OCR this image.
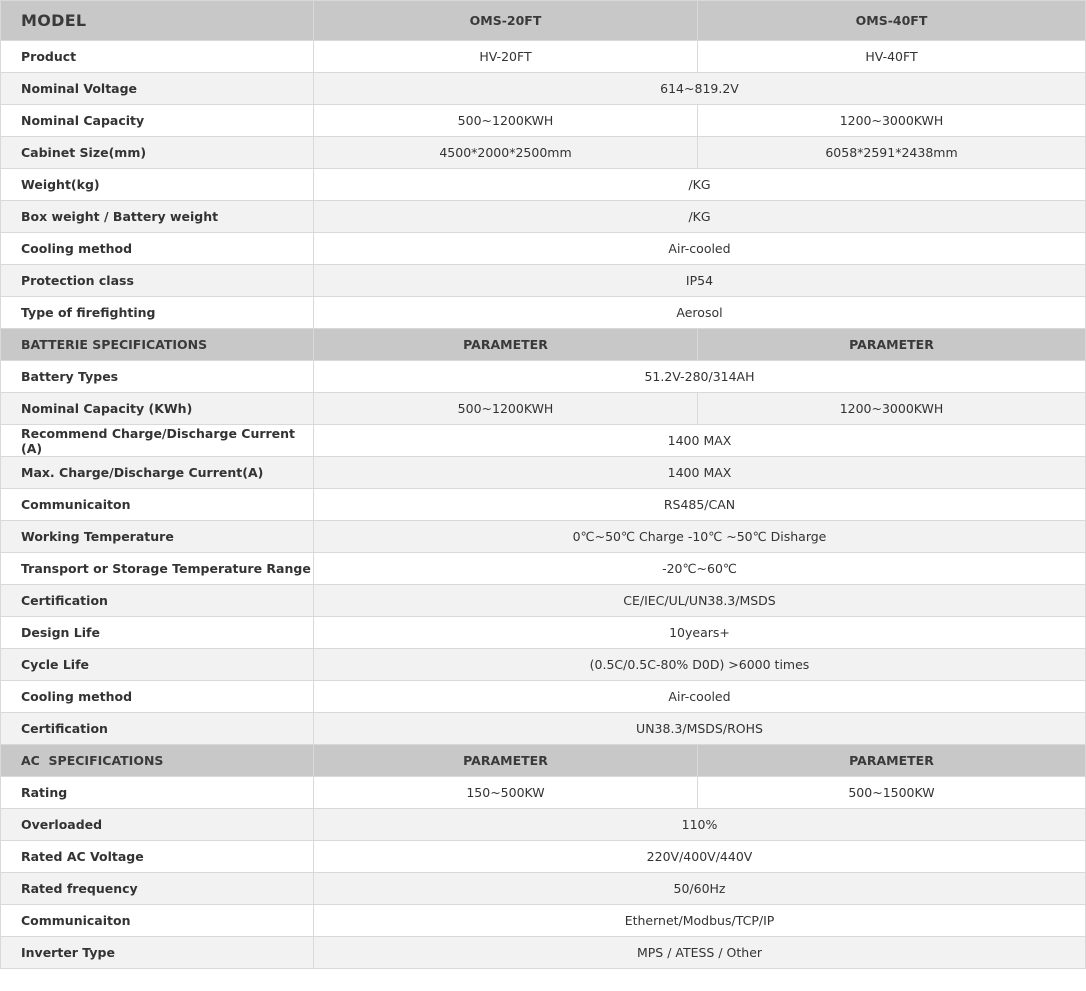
MODEL	OMS-20FT	OMS-40FT
Product	HV-20FT	HV-40FT
Nominal Voltage	614~819.2V	
Nominal Capacity	500~1200KWH	1200~3000KWH
Cabinet Size(mm)	4500*2000*2500mm	6058*2591*2438mm
Weight(kg)	/KG	
Box weight / Battery weight	/KG	
Cooling method	Air-cooled	
Protection class	IP54	
Type of firefighting	Aerosol	
BATTERIE SPECIFICATIONS	PARAMETER	PARAMETER
Battery Types	51.2V-280/314AH	
Nominal Capacity (KWh)	500~1200KWH	1200~3000KWH
Recommend Charge/Discharge Current (A)	1400 MAX	
Max. Charge/Discharge Current(A)	1400 MAX	
Communicaiton	RS485/CAN	
Working Temperature	0℃~50℃ Charge -10℃ ~50℃ Disharge	
Transport or Storage Temperature Range	-20℃~60℃	
Certification	CE/IEC/UL/UN38.3/MSDS	
Design Life	10years+	
Cycle Life	(0.5C/0.5C-80% D0D) >6000 times	
Cooling method	Air-cooled	
Certification	UN38.3/MSDS/ROHS	
AC  SPECIFICATIONS	PARAMETER	PARAMETER
Rating	150~500KW	500~1500KW
Overloaded	110%	
Rated AC Voltage	220V/400V/440V	
Rated frequency	50/60Hz	
Communicaiton	Ethernet/Modbus/TCP/IP	
Inverter Type	MPS / ATESS / Other	
